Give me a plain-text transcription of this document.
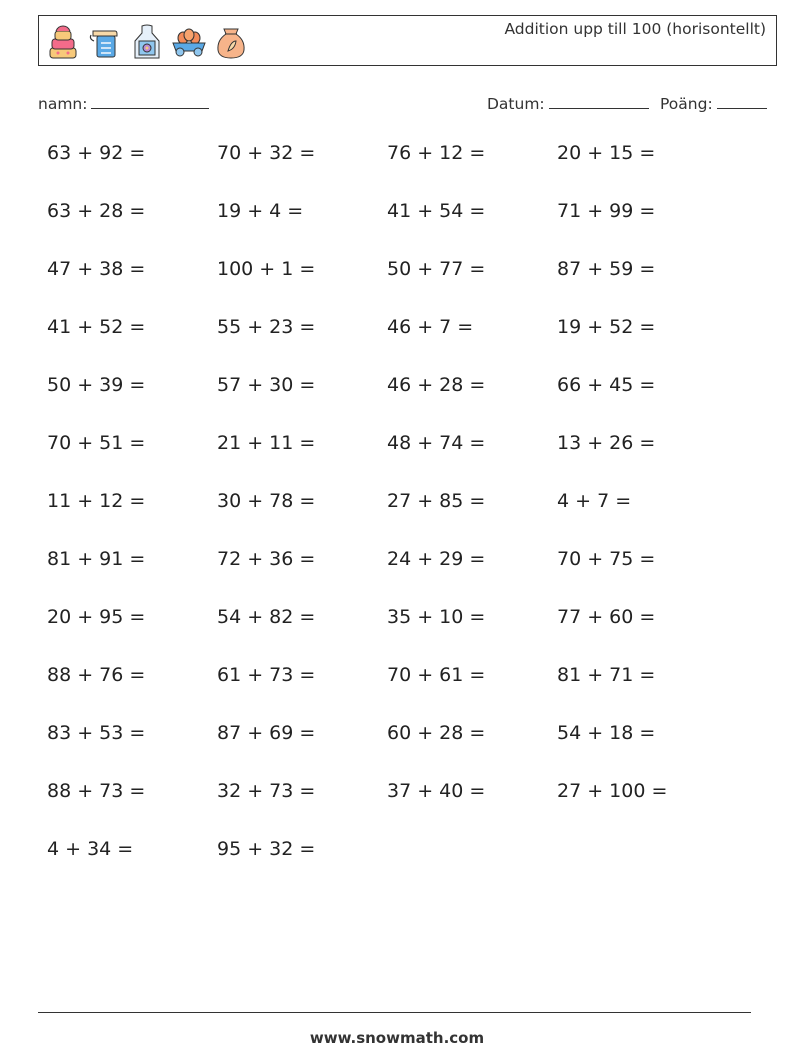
Addition upp till 100 (horisontellt)
namn:	Datum:	Poäng:
63 + 92 =	70 + 32 =	76 + 12 =	20 + 15 =
63 + 28 =	19 + 4 =	41 + 54 =	71 + 99 =
47 + 38 =	100 + 1 =	50 + 77 =	87 + 59 =
41 + 52 =	55 + 23 =	46 + 7 =	19 + 52 =
50 + 39 =	57 + 30 =	46 + 28 =	66 + 45 =
70 + 51 =	21 + 11 =	48 + 74 =	13 + 26 =
11 + 12 =	30 + 78 =	27 + 85 =	4 + 7 =
81 + 91 =	72 + 36 =	24 + 29 =	70 + 75 =
20 + 95 =	54 + 82 =	35 + 10 =	77 + 60 =
88 + 76 =	61 + 73 =	70 + 61 =	81 + 71 =
83 + 53 =	87 + 69 =	60 + 28 =	54 + 18 =
88 + 73 =	32 + 73 =	37 + 40 =	27 + 100 =
4 + 34 =	95 + 32 =
www.snowmath.com
